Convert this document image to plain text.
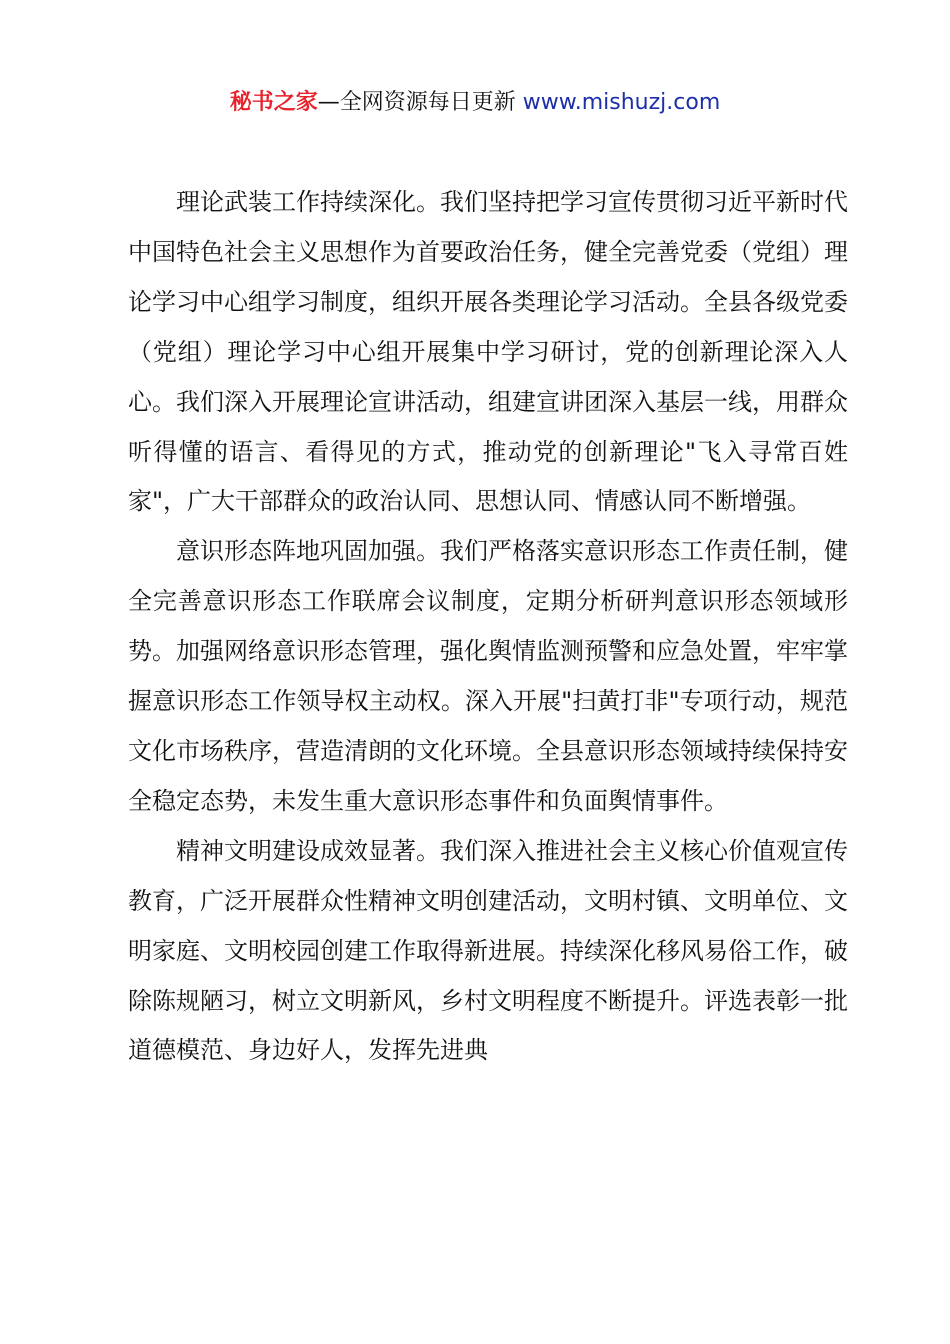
秘书之家—全网资源每日更新 www.mishuzj.com

理论武装工作持续深化。我们坚持把学习宣传贯彻习近平新时代中国特色社会主义思想作为首要政治任务，健全完善党委（党组）理论学习中心组学习制度，组织开展各类理论学习活动。全县各级党委（党组）理论学习中心组开展集中学习研讨，党的创新理论深入人心。我们深入开展理论宣讲活动，组建宣讲团深入基层一线，用群众听得懂的语言、看得见的方式，推动党的创新理论"飞入寻常百姓家"，广大干部群众的政治认同、思想认同、情感认同不断增强。

意识形态阵地巩固加强。我们严格落实意识形态工作责任制，健全完善意识形态工作联席会议制度，定期分析研判意识形态领域形势。加强网络意识形态管理，强化舆情监测预警和应急处置，牢牢掌握意识形态工作领导权主动权。深入开展"扫黄打非"专项行动，规范文化市场秩序，营造清朗的文化环境。全县意识形态领域持续保持安全稳定态势，未发生重大意识形态事件和负面舆情事件。

精神文明建设成效显著。我们深入推进社会主义核心价值观宣传教育，广泛开展群众性精神文明创建活动，文明村镇、文明单位、文明家庭、文明校园创建工作取得新进展。持续深化移风易俗工作，破除陈规陋习，树立文明新风，乡村文明程度不断提升。评选表彰一批道德模范、身边好人，发挥先进典
